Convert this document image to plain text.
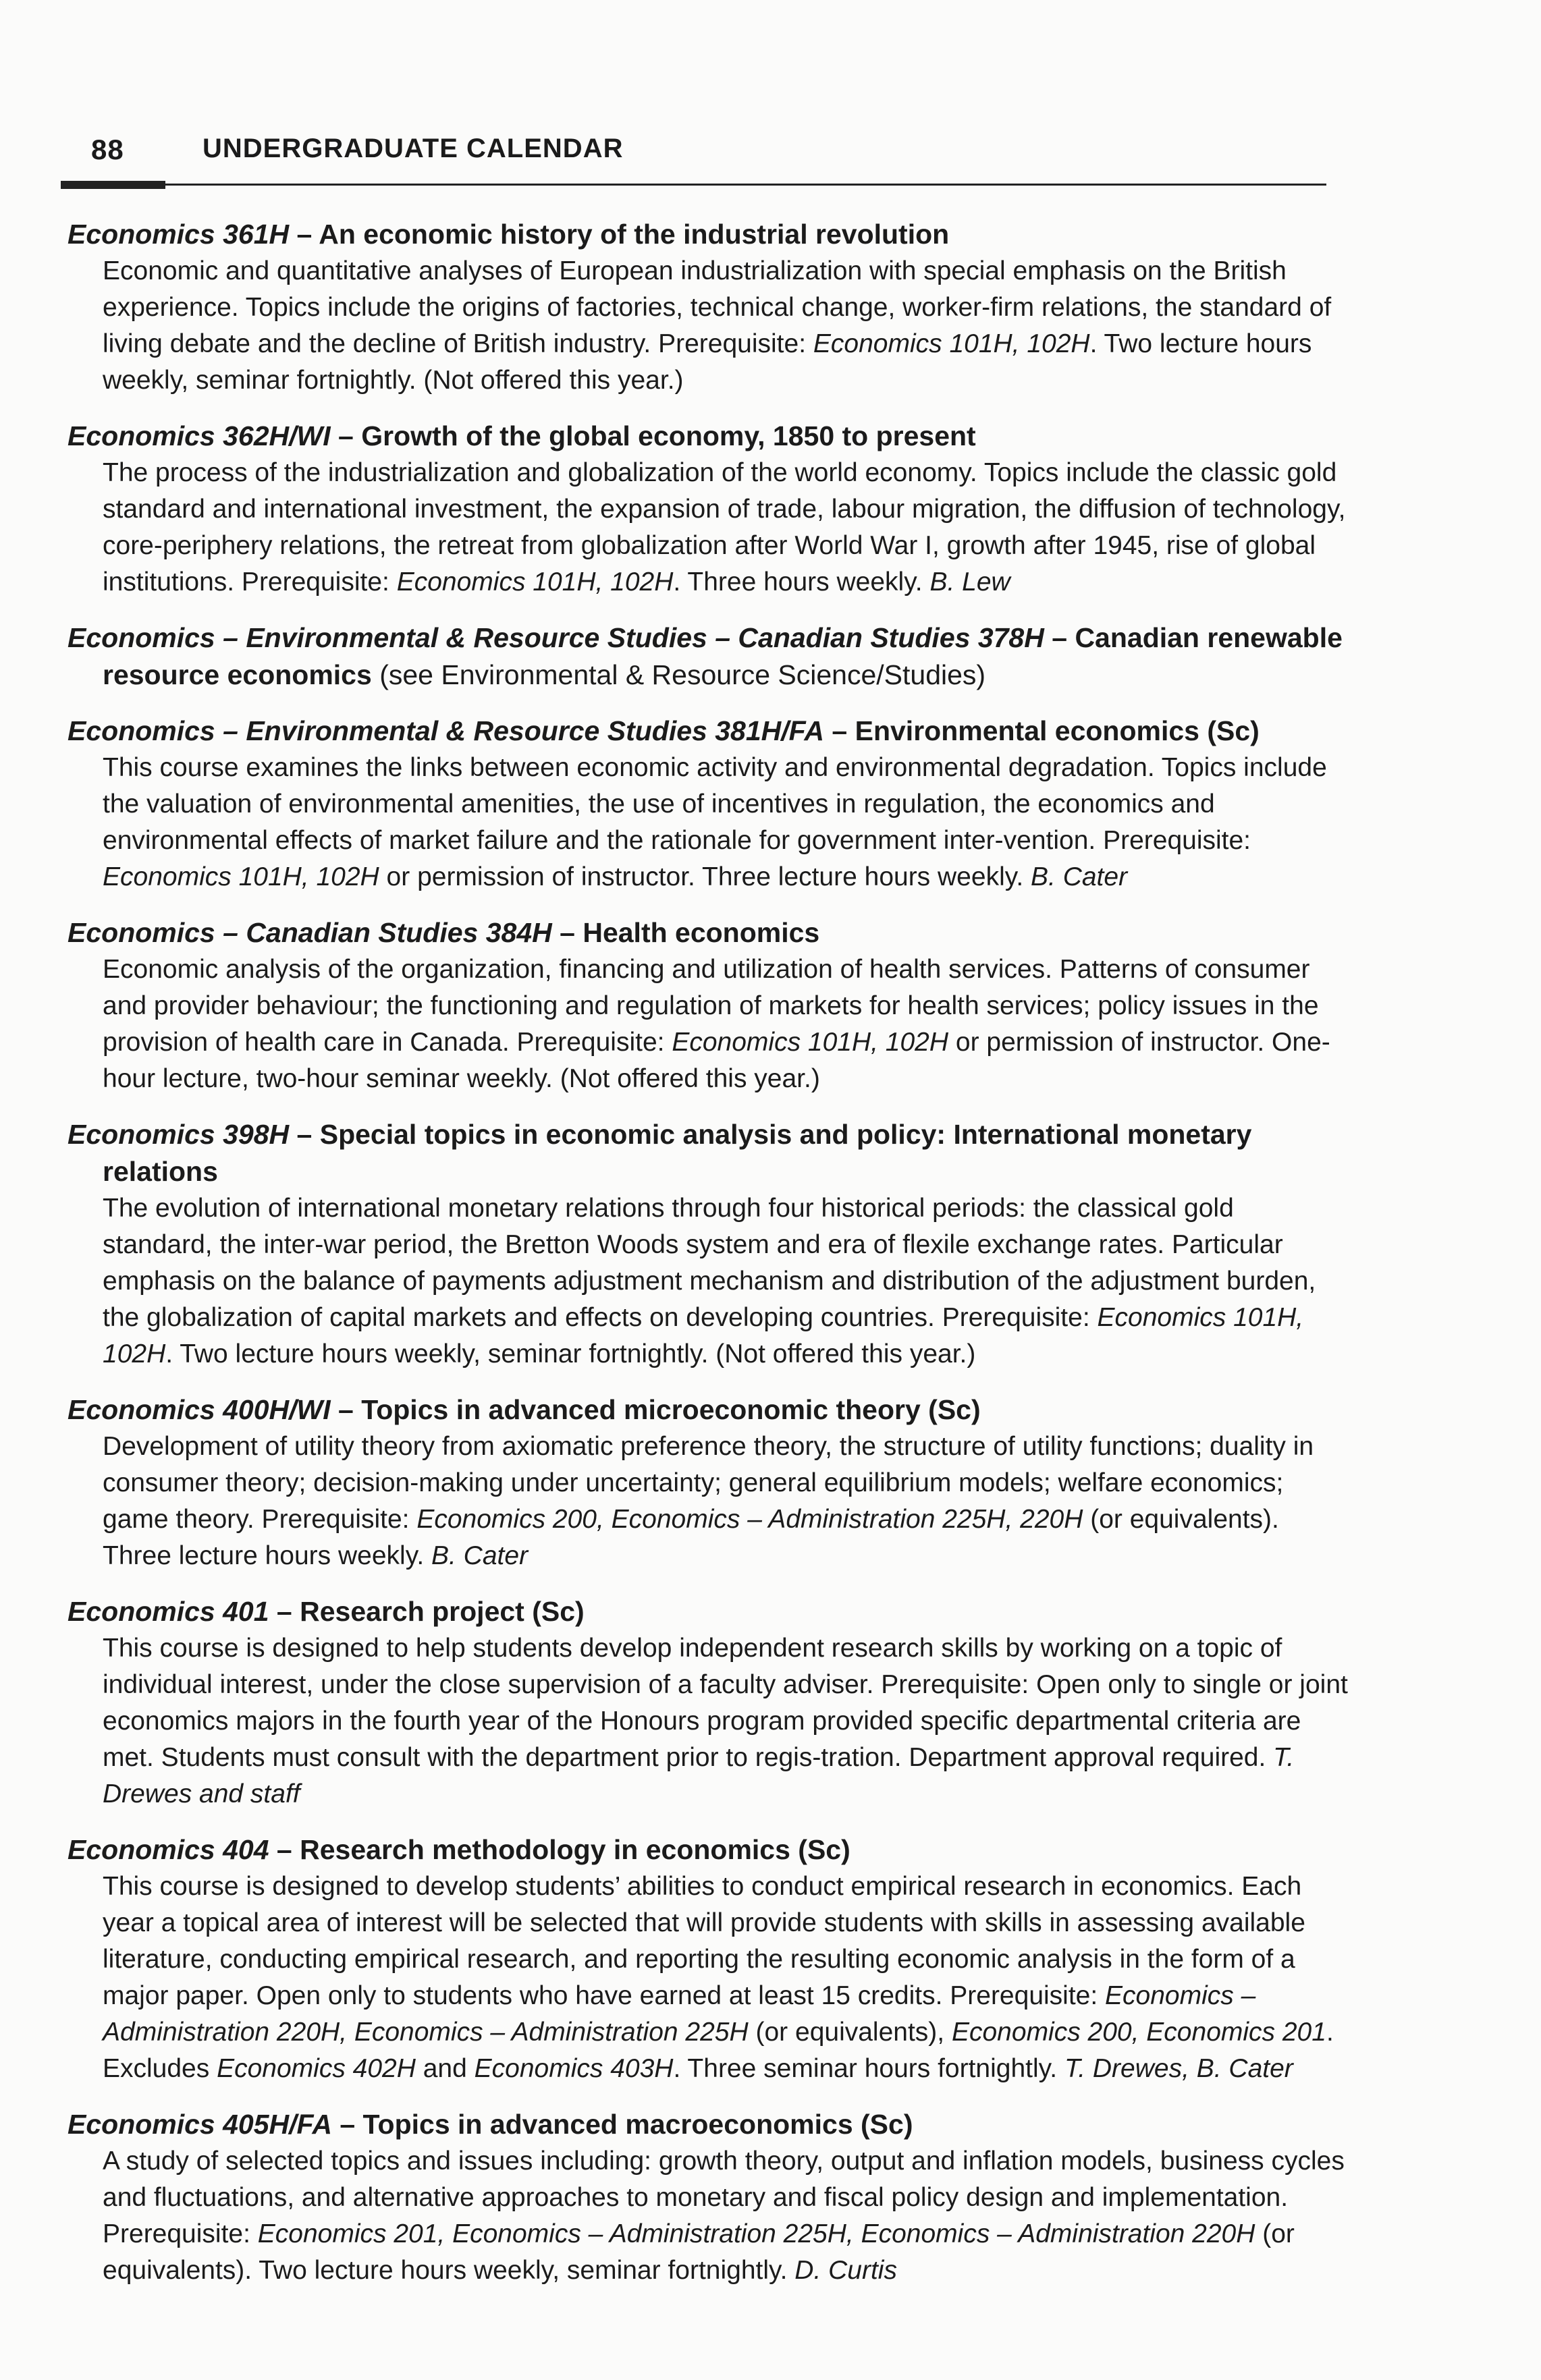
88	UNDERGRADUATE CALENDAR

Economics 361H – An economic history of the industrial revolution

Economic and quantitative analyses of European industrialization with special emphasis on the British experience. Topics include the origins of factories, technical change, worker-firm relations, the standard of living debate and the decline of British industry. Prerequisite: Economics 101H, 102H. Two lecture hours weekly, seminar fortnightly. (Not offered this year.)

Economics 362H/WI – Growth of the global economy, 1850 to present

The process of the industrialization and globalization of the world economy. Topics include the classic gold standard and international investment, the expansion of trade, labour migration, the diffusion of technology, core-periphery relations, the retreat from globalization after World War I, growth after 1945, rise of global institutions. Prerequisite: Economics 101H, 102H. Three hours weekly. B. Lew

Economics – Environmental & Resource Studies – Canadian Studies 378H – Canadian renewable resource economics (see Environmental & Resource Science/Studies)

Economics – Environmental & Resource Studies 381H/FA – Environmental economics (Sc)

This course examines the links between economic activity and environmental degradation. Topics include the valuation of environmental amenities, the use of incentives in regulation, the economics and environmental effects of market failure and the rationale for government inter-vention. Prerequisite: Economics 101H, 102H or permission of instructor. Three lecture hours weekly. B. Cater

Economics – Canadian Studies 384H – Health economics

Economic analysis of the organization, financing and utilization of health services. Patterns of consumer and provider behaviour; the functioning and regulation of markets for health services; policy issues in the provision of health care in Canada. Prerequisite: Economics 101H, 102H or permission of instructor. One-hour lecture, two-hour seminar weekly. (Not offered this year.)

Economics 398H – Special topics in economic analysis and policy: International monetary relations

The evolution of international monetary relations through four historical periods: the classical gold standard, the inter-war period, the Bretton Woods system and era of flexile exchange rates. Particular emphasis on the balance of payments adjustment mechanism and distribution of the adjustment burden, the globalization of capital markets and effects on developing countries. Prerequisite: Economics 101H, 102H. Two lecture hours weekly, seminar fortnightly. (Not offered this year.)

Economics 400H/WI – Topics in advanced microeconomic theory (Sc)

Development of utility theory from axiomatic preference theory, the structure of utility functions; duality in consumer theory; decision-making under uncertainty; general equilibrium models; welfare economics; game theory. Prerequisite: Economics 200, Economics – Administration 225H, 220H (or equivalents). Three lecture hours weekly. B. Cater

Economics 401 – Research project (Sc)

This course is designed to help students develop independent research skills by working on a topic of individual interest, under the close supervision of a faculty adviser. Prerequisite: Open only to single or joint economics majors in the fourth year of the Honours program provided specific departmental criteria are met. Students must consult with the department prior to regis-tration. Department approval required. T. Drewes and staff

Economics 404 – Research methodology in economics (Sc)

This course is designed to develop students’ abilities to conduct empirical research in economics. Each year a topical area of interest will be selected that will provide students with skills in assessing available literature, conducting empirical research, and reporting the resulting economic analysis in the form of a major paper. Open only to students who have earned at least 15 credits. Prerequisite: Economics – Administration 220H, Economics – Administration 225H (or equivalents), Economics 200, Economics 201. Excludes Economics 402H and Economics 403H. Three seminar hours fortnightly. T. Drewes, B. Cater

Economics 405H/FA – Topics in advanced macroeconomics (Sc)

A study of selected topics and issues including: growth theory, output and inflation models, business cycles and fluctuations, and alternative approaches to monetary and fiscal policy design and implementation. Prerequisite: Economics 201, Economics – Administration 225H, Economics – Administration 220H (or equivalents). Two lecture hours weekly, seminar fortnightly. D. Curtis
